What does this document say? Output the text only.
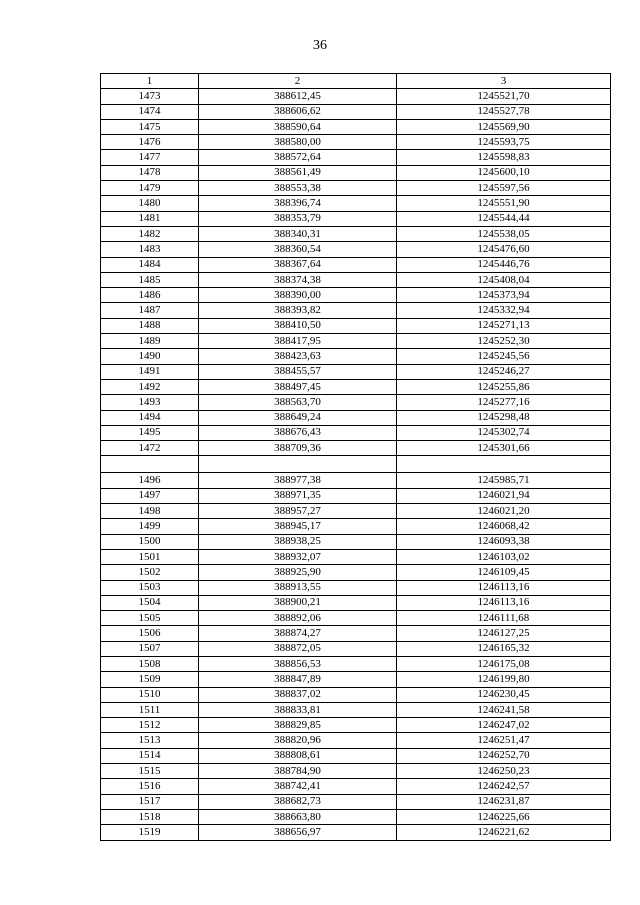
36
1	2	3
1473	388612,45	1245521,70
1474	388606,62	1245527,78
1475	388590,64	1245569,90
1476	388580,00	1245593,75
1477	388572,64	1245598,83
1478	388561,49	1245600,10
1479	388553,38	1245597,56
1480	388396,74	1245551,90
1481	388353,79	1245544,44
1482	388340,31	1245538,05
1483	388360,54	1245476,60
1484	388367,64	1245446,76
1485	388374,38	1245408,04
1486	388390,00	1245373,94
1487	388393,82	1245332,94
1488	388410,50	1245271,13
1489	388417,95	1245252,30
1490	388423,63	1245245,56
1491	388455,57	1245246,27
1492	388497,45	1245255,86
1493	388563,70	1245277,16
1494	388649,24	1245298,48
1495	388676,43	1245302,74
1472	388709,36	1245301,66

1496	388977,38	1245985,71
1497	388971,35	1246021,94
1498	388957,27	1246021,20
1499	388945,17	1246068,42
1500	388938,25	1246093,38
1501	388932,07	1246103,02
1502	388925,90	1246109,45
1503	388913,55	1246113,16
1504	388900,21	1246113,16
1505	388892,06	1246111,68
1506	388874,27	1246127,25
1507	388872,05	1246165,32
1508	388856,53	1246175,08
1509	388847,89	1246199,80
1510	388837,02	1246230,45
1511	388833,81	1246241,58
1512	388829,85	1246247,02
1513	388820,96	1246251,47
1514	388808,61	1246252,70
1515	388784,90	1246250,23
1516	388742,41	1246242,57
1517	388682,73	1246231,87
1518	388663,80	1246225,66
1519	388656,97	1246221,62
